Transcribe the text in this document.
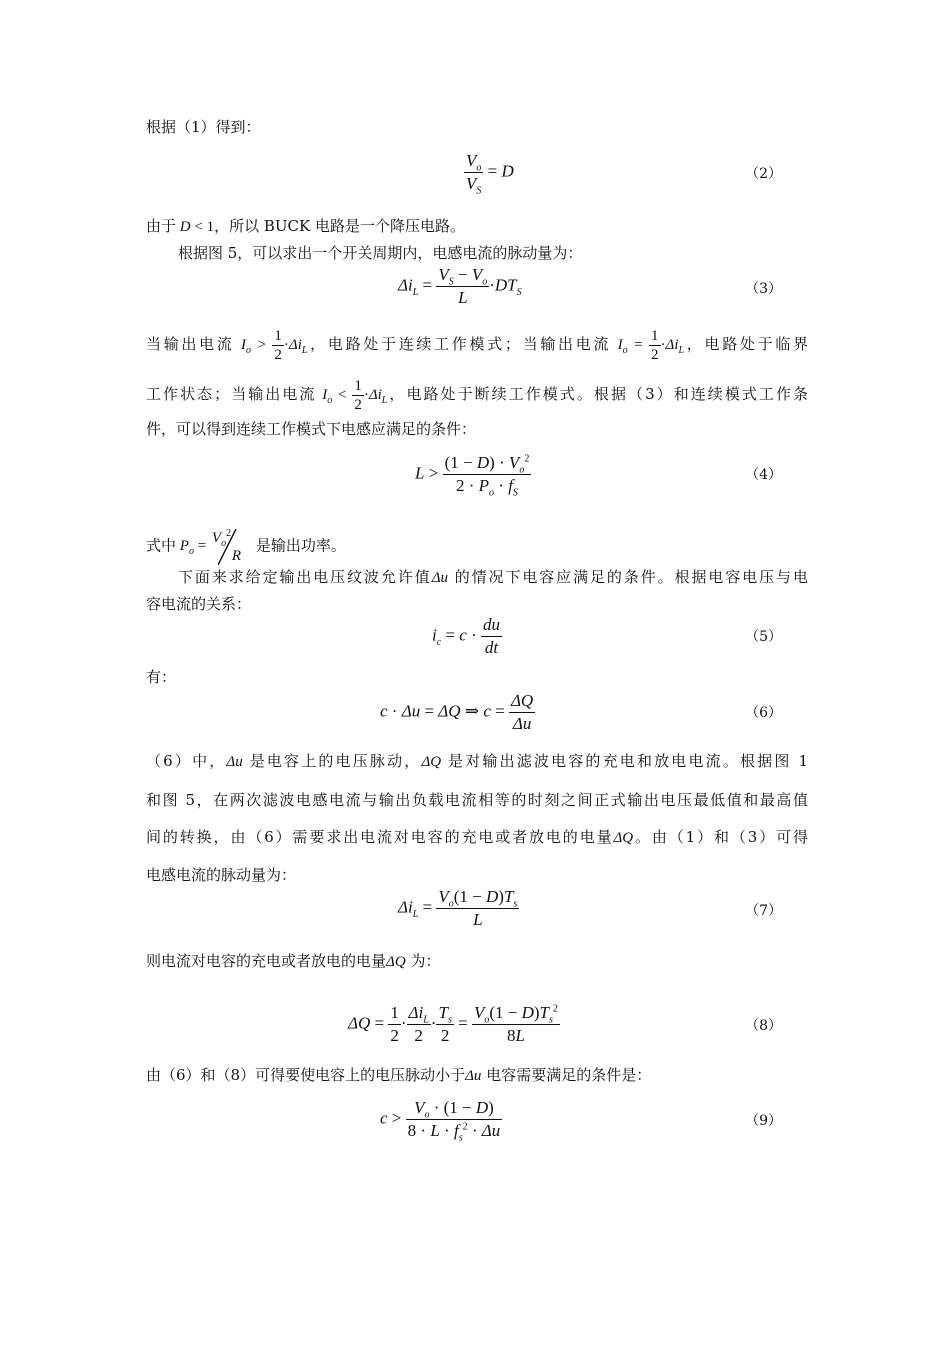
根据（1）得到：
$\frac{V_o}{V_S} = D$	（2）
由于 D < 1，所以 BUCK 电路是一个降压电路。
根据图 5，可以求出一个开关周期内，电感电流的脉动量为：
$\Delta i_L = \frac{V_S - V_o}{L} \cdot DT_S$	（3）
当输出电流 $I_o > \frac{1}{2} \cdot\Delta i_L$，电路处于连续工作模式；当输出电流 $I_o = \frac{1}{2} \cdot\Delta i_L$，电路处于临界
工作状态；当输出电流 $I_o < \frac{1}{2} \cdot\Delta i_L$，电路处于断续工作模式。根据（3）和连续模式工作条
件，可以得到连续工作模式下电感应满足的条件：
$L > \frac{(1 - D) \cdot V_o^2}{2 \cdot P_o \cdot f_S}$	（4）
式中 $P_o$ =
$V_o^2$
R
是输出功率。
下面来求给定输出电压纹波允许值Δu 的情况下电容应满足的条件。根据电容电压与电
容电流的关系：
$i_c = c \cdot \frac{du}{dt}$	（5）
有：
c · Δu = ΔQ ⇒ $c = \frac{\Delta Q}{\Delta u}$	（6）
（6）中，Δu 是电容上的电压脉动，ΔQ 是对输出滤波电容的充电和放电电流。根据图 1
和图 5，在两次滤波电感电流与输出负载电流相等的时刻之间正式输出电压最低值和最高值
间的转换，由（6）需要求出电流对电容的充电或者放电的电量ΔQ。由（1）和（3）可得
电感电流的脉动量为：
$\Delta i_L = \frac{V_o(1 - D)T_s}{L}$	（7）
则电流对电容的充电或者放电的电量ΔQ 为：
$\Delta Q = \frac{1}{2} \cdot \frac{\Delta i_L}{2} \cdot \frac{T_s}{2} = \frac{V_o(1 - D)T_s^2}{8L}$	（8）
由（6）和（8）可得要使电容上的电压脉动小于Δu 电容需要满足的条件是：
$c > \frac{V_o \cdot (1 - D)}{8 \cdot L \cdot f_s^2 \cdot \Delta u}$	（9）
